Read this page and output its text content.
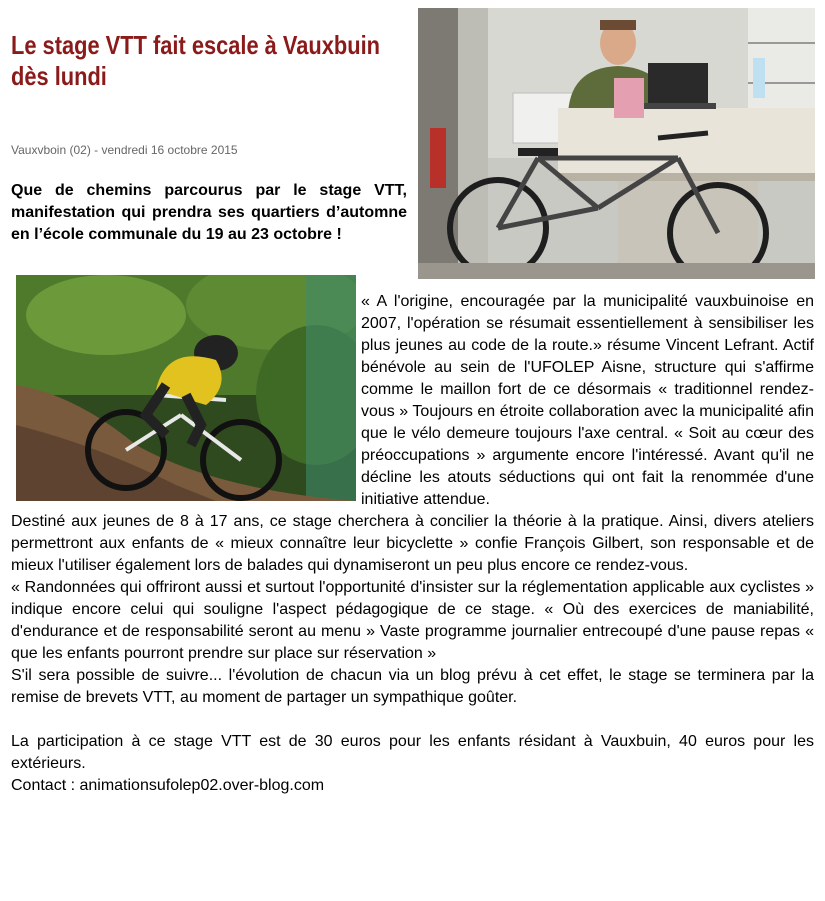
Le stage VTT fait escale à Vauxbuin dès lundi
Vauxvboin (02) - vendredi 16 octobre 2015

Que de chemins parcourus par le stage VTT, manifestation qui prendra ses quartiers d’automne en l’école communale du 19 au 23 octobre !

« A l'origine, encouragée par la municipalité vauxbuinoise en 2007, l'opération se résumait essentiellement à sensibiliser les plus jeunes au code de la route.» résume Vincent Lefrant. Actif bénévole au sein de l'UFOLEP Aisne, structure qui s'affirme comme le maillon fort de ce désormais « traditionnel rendez-vous » Toujours en étroite collaboration avec la municipalité afin que le vélo demeure toujours l'axe central. « Soit au cœur des préoccupations » argumente encore l'intéressé. Avant qu'il ne décline les atouts séductions qui ont fait la renommée d'une initiative attendue.

Destiné aux jeunes de 8 à 17 ans, ce stage cherchera à concilier la théorie à la pratique. Ainsi, divers ateliers permettront aux enfants de « mieux connaître leur bicyclette » confie François Gilbert, son responsable et de mieux l'utiliser également lors de balades qui dynamiseront un peu plus encore ce rendez-vous.

« Randonnées qui offriront aussi et surtout l'opportunité d'insister sur la réglementation applicable aux cyclistes » indique encore celui qui souligne l'aspect pédagogique de ce stage. « Où des exercices de maniabilité, d'endurance et de responsabilité seront au menu » Vaste programme journalier entrecoupé d'une pause repas « que les enfants pourront prendre sur place sur réservation »

S'il sera possible de suivre... l'évolution de chacun via un blog prévu à cet effet, le stage se terminera par la remise de brevets VTT, au moment de partager un sympathique goûter.

La participation à ce stage VTT est de 30 euros pour les enfants résidant à Vauxbuin, 40 euros pour les extérieurs.

Contact : animationsufolep02.over-blog.com
